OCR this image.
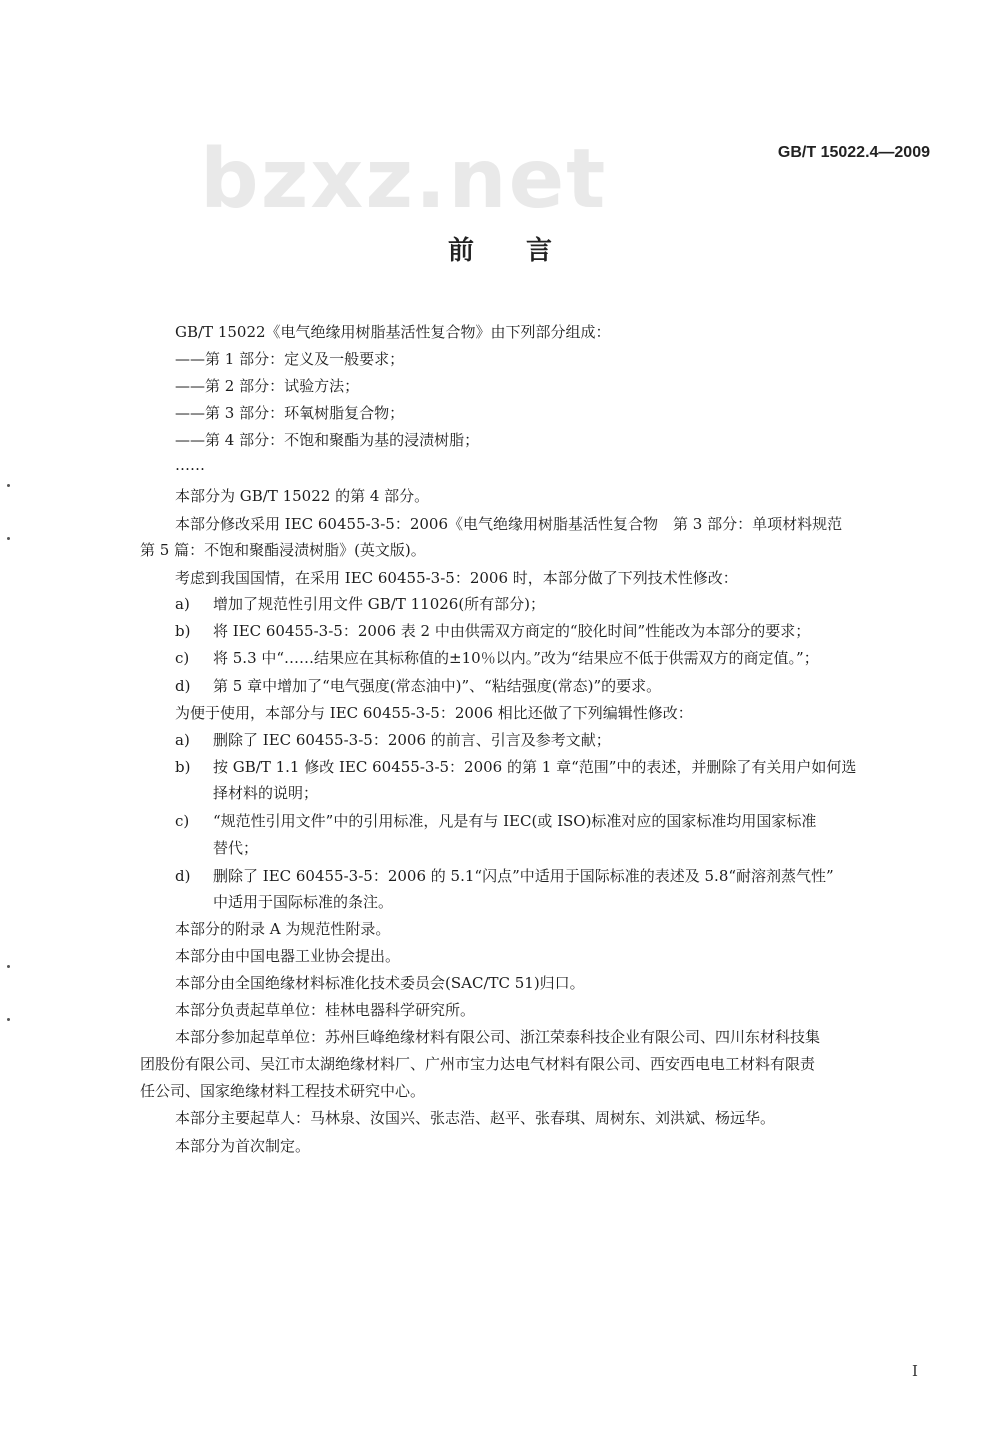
bzxz.net	GB/T 15022.4—2009
前言
GB/T 15022《电气绝缘用树脂基活性复合物》由下列部分组成：
——第 1 部分：定义及一般要求；
——第 2 部分：试验方法；
——第 3 部分：环氧树脂复合物；
——第 4 部分：不饱和聚酯为基的浸渍树脂；
……
本部分为 GB/T 15022 的第 4 部分。
本部分修改采用 IEC 60455-3-5：2006《电气绝缘用树脂基活性复合物　第 3 部分：单项材料规范
第 5 篇：不饱和聚酯浸渍树脂》(英文版)。
考虑到我国国情，在采用 IEC 60455-3-5：2006 时，本部分做了下列技术性修改：
a) 增加了规范性引用文件 GB/T 11026(所有部分)；
b) 将 IEC 60455-3-5：2006 表 2 中由供需双方商定的“胶化时间”性能改为本部分的要求；
c) 将 5.3 中“……结果应在其标称值的±10％以内。”改为“结果应不低于供需双方的商定值。”；
d) 第 5 章中增加了“电气强度(常态油中)”、“粘结强度(常态)”的要求。
为便于使用，本部分与 IEC 60455-3-5：2006 相比还做了下列编辑性修改：
a) 删除了 IEC 60455-3-5：2006 的前言、引言及参考文献；
b) 按 GB/T 1.1 修改 IEC 60455-3-5：2006 的第 1 章“范围”中的表述，并删除了有关用户如何选
择材料的说明；
c) “规范性引用文件”中的引用标准，凡是有与 IEC(或 ISO)标准对应的国家标准均用国家标准
替代；
d) 删除了 IEC 60455-3-5：2006 的 5.1“闪点”中适用于国际标准的表述及 5.8“耐溶剂蒸气性”
中适用于国际标准的条注。
本部分的附录 A 为规范性附录。
本部分由中国电器工业协会提出。
本部分由全国绝缘材料标准化技术委员会(SAC/TC 51)归口。
本部分负责起草单位：桂林电器科学研究所。
本部分参加起草单位：苏州巨峰绝缘材料有限公司、浙江荣泰科技企业有限公司、四川东材科技集
团股份有限公司、吴江市太湖绝缘材料厂、广州市宝力达电气材料有限公司、西安西电电工材料有限责
任公司、国家绝缘材料工程技术研究中心。
本部分主要起草人：马林泉、汝国兴、张志浩、赵平、张春琪、周树东、刘洪斌、杨远华。
本部分为首次制定。
I
